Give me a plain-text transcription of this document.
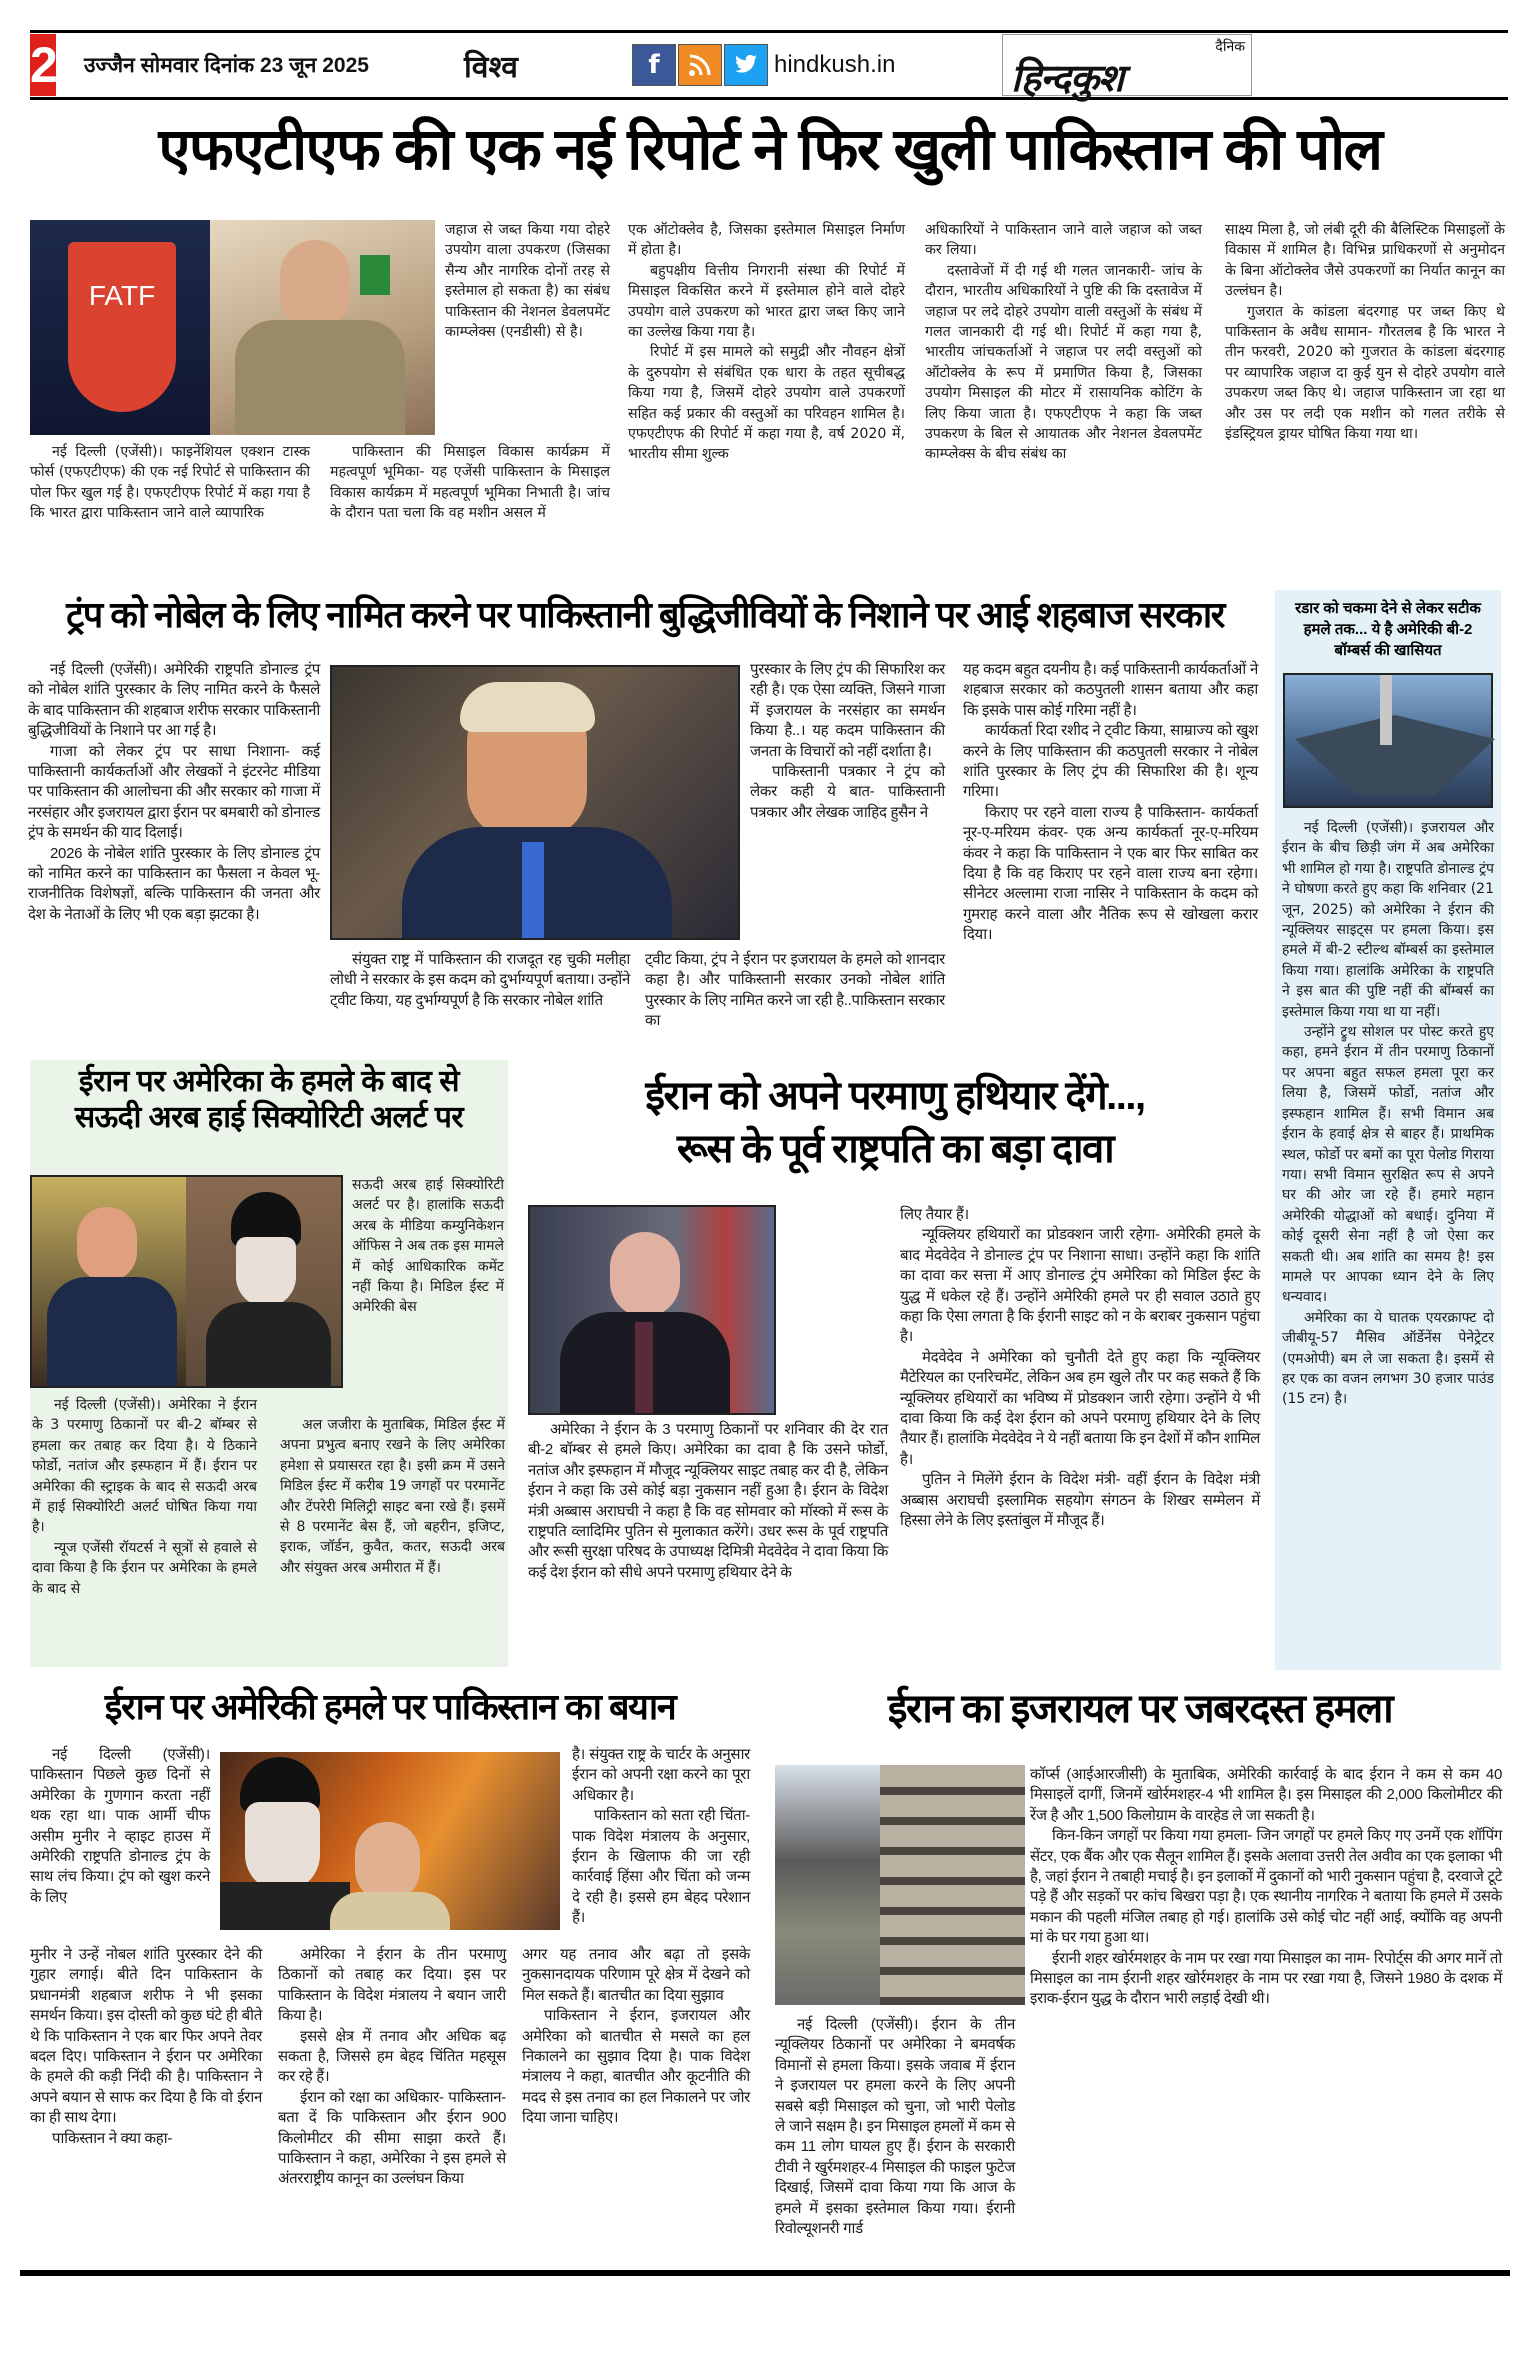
2 उज्जैन सोमवार दिनांक 23 जून 2025	विश्व	f	hindkush.in
दैनिक
हिन्दकुश
एफएटीएफ की एक नई रिपोर्ट ने फिर खुली पाकिस्तान की पोल
FATF

नई दिल्ली (एजेंसी)। फाइनेंशियल एक्शन टास्क फोर्स (एफएटीएफ) की एक नई रिपोर्ट से पाकिस्तान की पोल फिर खुल गई है। एफएटीएफ रिपोर्ट में कहा गया है कि भारत द्वारा पाकिस्तान जाने वाले व्यापारिक

जहाज से जब्त किया गया दोहरे उपयोग वाला उपकरण (जिसका सैन्य और नागरिक दोनों तरह से इस्तेमाल हो सकता है) का संबंध पाकिस्तान की नेशनल डेवलपमेंट काम्प्लेक्स (एनडीसी) से है।

पाकिस्तान की मिसाइल विकास कार्यक्रम में महत्वपूर्ण भूमिका- यह एजेंसी पाकिस्तान के मिसाइल विकास कार्यक्रम में महत्वपूर्ण भूमिका निभाती है। जांच के दौरान पता चला कि वह मशीन असल में

एक ऑटोक्लेव है, जिसका इस्तेमाल मिसाइल निर्माण में होता है।

बहुपक्षीय वित्तीय निगरानी संस्था की रिपोर्ट में मिसाइल विकसित करने में इस्तेमाल होने वाले दोहरे उपयोग वाले उपकरण को भारत द्वारा जब्त किए जाने का उल्लेख किया गया है।

रिपोर्ट में इस मामले को समुद्री और नौवहन क्षेत्रों के दुरुपयोग से संबंधित एक धारा के तहत सूचीबद्ध किया गया है, जिसमें दोहरे उपयोग वाले उपकरणों सहित कई प्रकार की वस्तुओं का परिवहन शामिल है। एफएटीएफ की रिपोर्ट में कहा गया है, वर्ष 2020 में, भारतीय सीमा शुल्क

अधिकारियों ने पाकिस्तान जाने वाले जहाज को जब्त कर लिया।

दस्तावेजों में दी गई थी गलत जानकारी- जांच के दौरान, भारतीय अधिकारियों ने पुष्टि की कि दस्तावेज में जहाज पर लदे दोहरे उपयोग वाली वस्तुओं के संबंध में गलत जानकारी दी गई थी। रिपोर्ट में कहा गया है, भारतीय जांचकर्ताओं ने जहाज पर लदी वस्तुओं को ऑटोक्लेव के रूप में प्रमाणित किया है, जिसका उपयोग मिसाइल की मोटर में रासायनिक कोटिंग के लिए किया जाता है। एफएटीएफ ने कहा कि जब्त उपकरण के बिल से आयातक और नेशनल डेवलपमेंट काम्प्लेक्स के बीच संबंध का

साक्ष्य मिला है, जो लंबी दूरी की बैलिस्टिक मिसाइलों के विकास में शामिल है। विभिन्न प्राधिकरणों से अनुमोदन के बिना ऑटोक्लेव जैसे उपकरणों का निर्यात कानून का उल्लंघन है।

गुजरात के कांडला बंदरगाह पर जब्त किए थे पाकिस्तान के अवैध सामान- गौरतलब है कि भारत ने तीन फरवरी, 2020 को गुजरात के कांडला बंदरगाह पर व्यापारिक जहाज दा कुई युन से दोहरे उपयोग वाले उपकरण जब्त किए थे। जहाज पाकिस्तान जा रहा था और उस पर लदी एक मशीन को गलत तरीके से इंडस्ट्रियल ड्रायर घोषित किया गया था।

ट्रंप को नोबेल के लिए नामित करने पर पाकिस्तानी बुद्धिजीवियों के निशाने पर आई शहबाज सरकार

नई दिल्ली (एजेंसी)। अमेरिकी राष्ट्रपति डोनाल्ड ट्रंप को नोबेल शांति पुरस्कार के लिए नामित करने के फैसले के बाद पाकिस्तान की शहबाज शरीफ सरकार पाकिस्तानी बुद्धिजीवियों के निशाने पर आ गई है।

गाजा को लेकर ट्रंप पर साधा निशाना- कई पाकिस्तानी कार्यकर्ताओं और लेखकों ने इंटरनेट मीडिया पर पाकिस्तान की आलोचना की और सरकार को गाजा में नरसंहार और इजरायल द्वारा ईरान पर बमबारी को डोनाल्ड ट्रंप के समर्थन की याद दिलाई।

2026 के नोबेल शांति पुरस्कार के लिए डोनाल्ड ट्रंप को नामित करने का पाकिस्तान का फैसला न केवल भू-राजनीतिक विशेषज्ञों, बल्कि पाकिस्तान की जनता और देश के नेताओं के लिए भी एक बड़ा झटका है।

संयुक्त राष्ट्र में पाकिस्तान की राजदूत रह चुकी मलीहा लोधी ने सरकार के इस कदम को दुर्भाग्यपूर्ण बताया। उन्होंने ट्वीट किया, यह दुर्भाग्यपूर्ण है कि सरकार नोबेल शांति

पुरस्कार के लिए ट्रंप की सिफारिश कर रही है। एक ऐसा व्यक्ति, जिसने गाजा में इजरायल के नरसंहार का समर्थन किया है..। यह कदम पाकिस्तान की जनता के विचारों को नहीं दर्शाता है।

पाकिस्तानी पत्रकार ने ट्रंप को लेकर कही ये बात- पाकिस्तानी पत्रकार और लेखक जाहिद हुसैन ने

ट्वीट किया, ट्रंप ने ईरान पर इजरायल के हमले को शानदार कहा है। और पाकिस्तानी सरकार उनको नोबेल शांति पुरस्कार के लिए नामित करने जा रही है..पाकिस्तान सरकार का

यह कदम बहुत दयनीय है। कई पाकिस्तानी कार्यकर्ताओं ने शहबाज सरकार को कठपुतली शासन बताया और कहा कि इसके पास कोई गरिमा नहीं है।

कार्यकर्ता रिदा रशीद ने ट्वीट किया, साम्राज्य को खुश करने के लिए पाकिस्तान की कठपुतली सरकार ने नोबेल शांति पुरस्कार के लिए ट्रंप की सिफारिश की है। शून्य गरिमा।

किराए पर रहने वाला राज्य है पाकिस्तान- कार्यकर्ता नूर-ए-मरियम कंवर- एक अन्य कार्यकर्ता नूर-ए-मरियम कंवर ने कहा कि पाकिस्तान ने एक बार फिर साबित कर दिया है कि वह किराए पर रहने वाला राज्य बना रहेगा। सीनेटर अल्लामा राजा नासिर ने पाकिस्तान के कदम को गुमराह करने वाला और नैतिक रूप से खोखला करार दिया।

रडार को चकमा देने से लेकर सटीक हमले तक... ये है अमेरिकी बी-2 बॉम्बर्स की खासियत

नई दिल्ली (एजेंसी)। इजरायल और ईरान के बीच छिड़ी जंग में अब अमेरिका भी शामिल हो गया है। राष्ट्रपति डोनाल्ड ट्रंप ने घोषणा करते हुए कहा कि शनिवार (21 जून, 2025) को अमेरिका ने ईरान की न्यूक्लियर साइट्स पर हमला किया। इस हमले में बी-2 स्टील्थ बॉम्बर्स का इस्तेमाल किया गया। हालांकि अमेरिका के राष्ट्रपति ने इस बात की पुष्टि नहीं की बॉम्बर्स का इस्तेमाल किया गया था या नहीं।

उन्होंने ट्रुथ सोशल पर पोस्ट करते हुए कहा, हमने ईरान में तीन परमाणु ठिकानों पर अपना बहुत सफल हमला पूरा कर लिया है, जिसमें फोर्डो, नतांज और इस्फहान शामिल हैं। सभी विमान अब ईरान के हवाई क्षेत्र से बाहर हैं। प्राथमिक स्थल, फोर्डो पर बमों का पूरा पेलोड गिराया गया। सभी विमान सुरक्षित रूप से अपने घर की ओर जा रहे हैं। हमारे महान अमेरिकी योद्धाओं को बधाई। दुनिया में कोई दूसरी सेना नहीं है जो ऐसा कर सकती थी। अब शांति का समय है! इस मामले पर आपका ध्यान देने के लिए धन्यवाद।

अमेरिका का ये घातक एयरक्राफ्ट दो जीबीयू-57 मैसिव ऑर्डेनेंस पेनेट्रेटर (एमओपी) बम ले जा सकता है। इसमें से हर एक का वजन लगभग 30 हजार पाउंड (15 टन) है।

ईरान पर अमेरिका के हमले के बाद से
सऊदी अरब हाई सिक्योरिटी अलर्ट पर

सऊदी अरब हाई सिक्योरिटी अलर्ट पर है। हालांकि सऊदी अरब के मीडिया कम्युनिकेशन ऑफिस ने अब तक इस मामले में कोई आधिकारिक कमेंट नहीं किया है। मिडिल ईस्ट में अमेरिकी बेस

नई दिल्ली (एजेंसी)। अमेरिका ने ईरान के 3 परमाणु ठिकानों पर बी-2 बॉम्बर से हमला कर तबाह कर दिया है। ये ठिकाने फोर्डो, नतांज और इस्फहान में हैं। ईरान पर अमेरिका की स्ट्राइक के बाद से सऊदी अरब में हाई सिक्योरिटी अलर्ट घोषित किया गया है।

न्यूज एजेंसी रॉयटर्स ने सूत्रों से हवाले से दावा किया है कि ईरान पर अमेरिका के हमले के बाद से

अल जजीरा के मुताबिक, मिडिल ईस्ट में अपना प्रभुत्व बनाए रखने के लिए अमेरिका हमेशा से प्रयासरत रहा है। इसी क्रम में उसने मिडिल ईस्ट में करीब 19 जगहों पर परमानेंट और टेंपरेरी मिलिट्री साइट बना रखे हैं। इसमें से 8 परमानेंट बेस हैं, जो बहरीन, इजिप्ट, इराक, जॉर्डन, कुवैत, कतर, सऊदी अरब और संयुक्त अरब अमीरात में हैं।

ईरान को अपने परमाणु हथियार देंगे...,
रूस के पूर्व राष्ट्रपति का बड़ा दावा

अमेरिका ने ईरान के 3 परमाणु ठिकानों पर शनिवार की देर रात बी-2 बॉम्बर से हमले किए। अमेरिका का दावा है कि उसने फोर्डो, नतांज और इस्फहान में मौजूद न्यूक्लियर साइट तबाह कर दी है, लेकिन ईरान ने कहा कि उसे कोई बड़ा नुकसान नहीं हुआ है। ईरान के विदेश मंत्री अब्बास अराघची ने कहा है कि वह सोमवार को मॉस्को में रूस के राष्ट्रपति व्लादिमिर पुतिन से मुलाकात करेंगे। उधर रूस के पूर्व राष्ट्रपति और रूसी सुरक्षा परिषद के उपाध्यक्ष दिमित्री मेदवेदेव ने दावा किया कि कई देश ईरान को सीधे अपने परमाणु हथियार देने के

लिए तैयार हैं।

न्यूक्लियर हथियारों का प्रोडक्शन जारी रहेगा- अमेरिकी हमले के बाद मेदवेदेव ने डोनाल्ड ट्रंप पर निशाना साधा। उन्होंने कहा कि शांति का दावा कर सत्ता में आए डोनाल्ड ट्रंप अमेरिका को मिडिल ईस्ट के युद्ध में धकेल रहे हैं। उन्होंने अमेरिकी हमले पर ही सवाल उठाते हुए कहा कि ऐसा लगता है कि ईरानी साइट को न के बराबर नुकसान पहुंचा है।

मेदवेदेव ने अमेरिका को चुनौती देते हुए कहा कि न्यूक्लियर मैटेरियल का एनरिचमेंट, लेकिन अब हम खुले तौर पर कह सकते हैं कि न्यूक्लियर हथियारों का भविष्य में प्रोडक्शन जारी रहेगा। उन्होंने ये भी दावा किया कि कई देश ईरान को अपने परमाणु हथियार देने के लिए तैयार हैं। हालांकि मेदवेदेव ने ये नहीं बताया कि इन देशों में कौन शामिल है।

पुतिन ने मिलेंगे ईरान के विदेश मंत्री- वहीं ईरान के विदेश मंत्री अब्बास अराघची इस्लामिक सहयोग संगठन के शिखर सम्मेलन में हिस्सा लेने के लिए इस्तांबुल में मौजूद हैं।

ईरान पर अमेरिकी हमले पर पाकिस्तान का बयान

नई दिल्ली (एजेंसी)। पाकिस्तान पिछले कुछ दिनों से अमेरिका के गुणगान करता नहीं थक रहा था। पाक आर्मी चीफ असीम मुनीर ने व्हाइट हाउस में अमेरिकी राष्ट्रपति डोनाल्ड ट्रंप के साथ लंच किया। ट्रंप को खुश करने के लिए

मुनीर ने उन्हें नोबल शांति पुरस्कार देने की गुहार लगाई। बीते दिन पाकिस्तान के प्रधानमंत्री शहबाज शरीफ ने भी इसका समर्थन किया। इस दोस्ती को कुछ घंटे ही बीते थे कि पाकिस्तान ने एक बार फिर अपने तेवर बदल दिए। पाकिस्तान ने ईरान पर अमेरिका के हमले की कड़ी निंदी की है। पाकिस्तान ने अपने बयान से साफ कर दिया है कि वो ईरान का ही साथ देगा।

पाकिस्तान ने क्या कहा-

अमेरिका ने ईरान के तीन परमाणु ठिकानों को तबाह कर दिया। इस पर पाकिस्तान के विदेश मंत्रालय ने बयान जारी किया है।

इससे क्षेत्र में तनाव और अधिक बढ़ सकता है, जिससे हम बेहद चिंतित महसूस कर रहे हैं।

ईरान को रक्षा का अधिकार- पाकिस्तान- बता दें कि पाकिस्तान और ईरान 900 किलोमीटर की सीमा साझा करते हैं। पाकिस्तान ने कहा, अमेरिका ने इस हमले से अंतरराष्ट्रीय कानून का उल्लंघन किया

है। संयुक्त राष्ट्र के चार्टर के अनुसार ईरान को अपनी रक्षा करने का पूरा अधिकार है।

पाकिस्तान को सता रही चिंता-पाक विदेश मंत्रालय के अनुसार, ईरान के खिलाफ की जा रही कार्रवाई हिंसा और चिंता को जन्म दे रही है। इससे हम बेहद परेशान हैं।

अगर यह तनाव और बढ़ा तो इसके नुकसानदायक परिणाम पूरे क्षेत्र में देखने को मिल सकते हैं। बातचीत का दिया सुझाव

पाकिस्तान ने ईरान, इजरायल और अमेरिका को बातचीत से मसले का हल निकालने का सुझाव दिया है। पाक विदेश मंत्रालय ने कहा, बातचीत और कूटनीति की मदद से इस तनाव का हल निकालने पर जोर दिया जाना चाहिए।

ईरान का इजरायल पर जबरदस्त हमला

नई दिल्ली (एजेंसी)। ईरान के तीन न्यूक्लियर ठिकानों पर अमेरिका ने बमवर्षक विमानों से हमला किया। इसके जवाब में ईरान ने इजरायल पर हमला करने के लिए अपनी सबसे बड़ी मिसाइल को चुना, जो भारी पेलोड ले जाने सक्षम है। इन मिसाइल हमलों में कम से कम 11 लोग घायल हुए हैं। ईरान के सरकारी टीवी ने खुर्रमशहर-4 मिसाइल की फाइल फुटेज दिखाई, जिसमें दावा किया गया कि आज के हमले में इसका इस्तेमाल किया गया। ईरानी रिवोल्यूशनरी गार्ड

कॉर्प्स (आईआरजीसी) के मुताबिक, अमेरिकी कार्रवाई के बाद ईरान ने कम से कम 40 मिसाइलें दागीं, जिनमें खोर्रमशहर-4 भी शामिल है। इस मिसाइल की 2,000 किलोमीटर की रेंज है और 1,500 किलोग्राम के वारहेड ले जा सकती है।

किन-किन जगहों पर किया गया हमला- जिन जगहों पर हमले किए गए उनमें एक शॉपिंग सेंटर, एक बैंक और एक सैलून शामिल हैं। इसके अलावा उत्तरी तेल अवीव का एक इलाका भी है, जहां ईरान ने तबाही मचाई है। इन इलाकों में दुकानों को भारी नुकसान पहुंचा है, दरवाजे टूटे पड़े हैं और सड़कों पर कांच बिखरा पड़ा है। एक स्थानीय नागरिक ने बताया कि हमले में उसके मकान की पहली मंजिल तबाह हो गई। हालांकि उसे कोई चोट नहीं आई, क्योंकि वह अपनी मां के घर गया हुआ था।

ईरानी शहर खोर्रमशहर के नाम पर रखा गया मिसाइल का नाम- रिपोर्ट्स की अगर मानें तो मिसाइल का नाम ईरानी शहर खोर्रमशहर के नाम पर रखा गया है, जिसने 1980 के दशक में इराक-ईरान युद्ध के दौरान भारी लड़ाई देखी थी।
